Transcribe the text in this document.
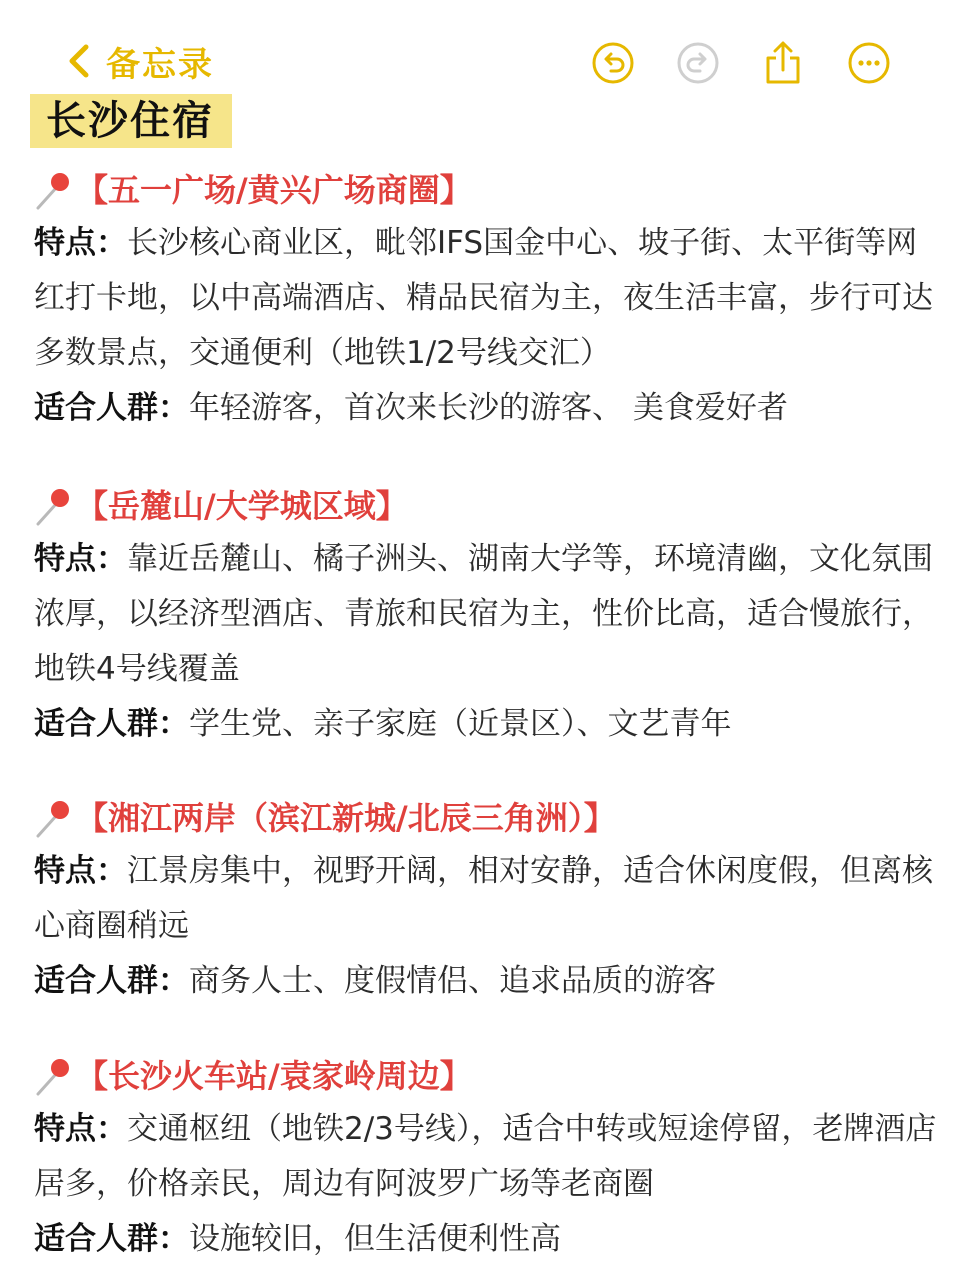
备忘录
长沙住宿
【五一广场/黄兴广场商圈】
特点：长沙核心商业区，毗邻IFS国金中心、坡子街、太平街等网红打卡地，以中高端酒店、精品民宿为主，夜生活丰富，步行可达多数景点，交通便利（地铁1/2号线交汇）
适合人群：年轻游客，首次来长沙的游客、 美食爱好者
【岳麓山/大学城区域】
特点：靠近岳麓山、橘子洲头、湖南大学等，环境清幽，文化氛围浓厚，以经济型酒店、青旅和民宿为主，性价比高，适合慢旅行，地铁4号线覆盖
适合人群：学生党、亲子家庭（近景区）、文艺青年
【湘江两岸（滨江新城/北辰三角洲）】
特点：江景房集中，视野开阔，相对安静，适合休闲度假，但离核心商圈稍远
适合人群：商务人士、度假情侣、追求品质的游客
【长沙火车站/袁家岭周边】
特点：交通枢纽（地铁2/3号线），适合中转或短途停留，老牌酒店居多，价格亲民，周边有阿波罗广场等老商圈
适合人群：设施较旧，但生活便利性高
